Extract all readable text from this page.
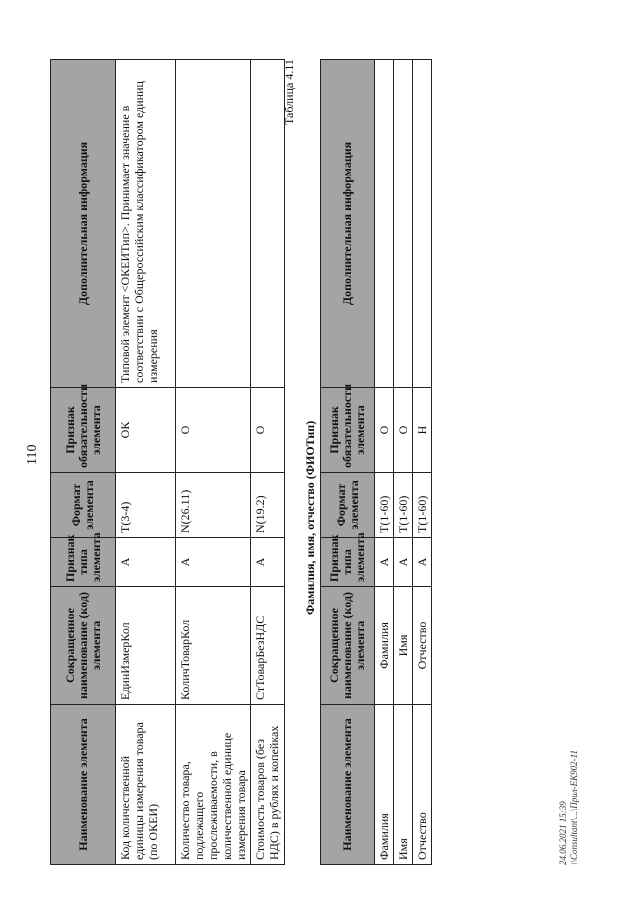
110
Наименование элемента	Сокращенное наименование (код) элемента	Признак типа элемента	Формат элемента	Признак обязательности элемента	Дополнительная информация
Код количественной единицы измерения товара (по ОКЕИ)	ЕдинИзмерКол	А	T(3-4)	ОК	Типовой элемент <ОКЕИТип>. Принимает значение в соответствии с Общероссийским классификатором единиц измерения
Количество товара, подлежащего прослеживаемости, в количественной единице измерения товара	КоличТоварКол	А	N(26.11)	О	
Стоимость товаров (без НДС) в рублях и копейках	СтТоварБезНДС	А	N(19.2)	О	
Таблица 4.11
Фамилия, имя, отчество (ФИОТип)
Наименование элемента	Сокращенное наименование (код) элемента	Признак типа элемента	Формат элемента	Признак обязательности элемента	Дополнительная информация
Фамилия	Фамилия	А	T(1-60)	О	
Имя	Имя	А	T(1-60)	О	
Отчество	Отчество	А	T(1-60)	Н	
24.06.2021 15:39 \\Consultant\...\Прил-ЕК902-11
